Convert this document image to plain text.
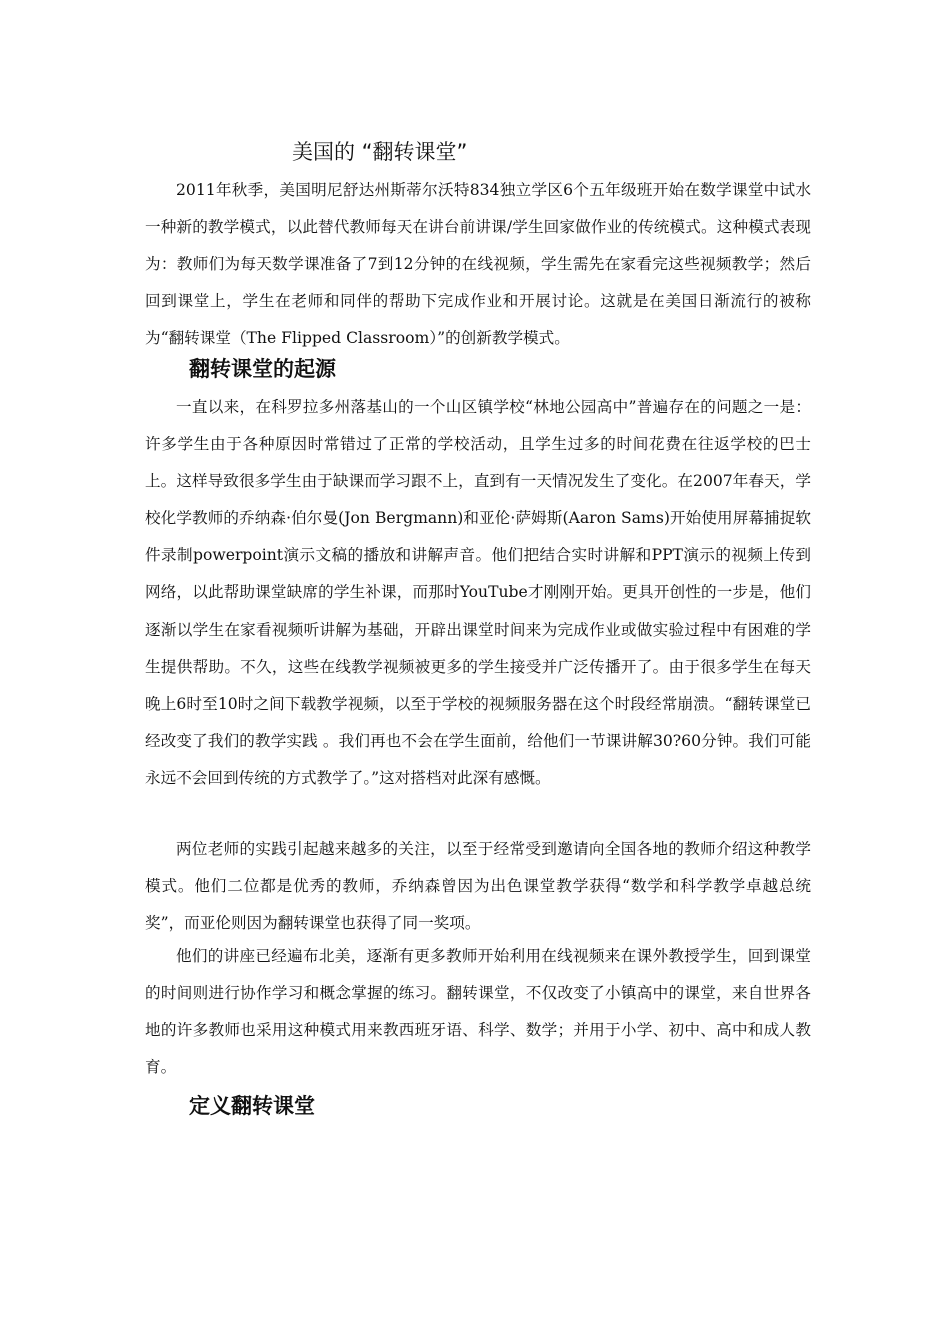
美国的 “翻转课堂”

2011年秋季，美国明尼舒达州斯蒂尔沃特834独立学区6个五年级班开始在数学课堂中试水一种新的教学模式，以此替代教师每天在讲台前讲课/学生回家做作业的传统模式。这种模式表现为：教师们为每天数学课准备了7到12分钟的在线视频，学生需先在家看完这些视频教学；然后回到课堂上，学生在老师和同伴的帮助下完成作业和开展讨论。这就是在美国日渐流行的被称为“翻转课堂（The Flipped Classroom）”的创新教学模式。

翻转课堂的起源

一直以来，在科罗拉多州落基山的一个山区镇学校“林地公园高中”普遍存在的问题之一是：许多学生由于各种原因时常错过了正常的学校活动，且学生过多的时间花费在往返学校的巴士上。这样导致很多学生由于缺课而学习跟不上，直到有一天情况发生了变化。在2007年春天，学校化学教师的乔纳森·伯尔曼(Jon Bergmann)和亚伦·萨姆斯(Aaron Sams)开始使用屏幕捕捉软件录制powerpoint演示文稿的播放和讲解声音。他们把结合实时讲解和PPT演示的视频上传到网络，以此帮助课堂缺席的学生补课，而那时YouTube才刚刚开始。更具开创性的一步是，他们逐渐以学生在家看视频听讲解为基础，开辟出课堂时间来为完成作业或做实验过程中有困难的学生提供帮助。不久，这些在线教学视频被更多的学生接受并广泛传播开了。由于很多学生在每天晚上6时至10时之间下载教学视频，以至于学校的视频服务器在这个时段经常崩溃。“翻转课堂已经改变了我们的教学实践 。我们再也不会在学生面前，给他们一节课讲解30?60分钟。我们可能永远不会回到传统的方式教学了。”这对搭档对此深有感慨。

两位老师的实践引起越来越多的关注，以至于经常受到邀请向全国各地的教师介绍这种教学模式。他们二位都是优秀的教师，乔纳森曾因为出色课堂教学获得“数学和科学教学卓越总统奖”，而亚伦则因为翻转课堂也获得了同一奖项。

他们的讲座已经遍布北美，逐渐有更多教师开始利用在线视频来在课外教授学生，回到课堂的时间则进行协作学习和概念掌握的练习。翻转课堂，不仅改变了小镇高中的课堂，来自世界各地的许多教师也采用这种模式用来教西班牙语、科学、数学；并用于小学、初中、高中和成人教育。

定义翻转课堂
